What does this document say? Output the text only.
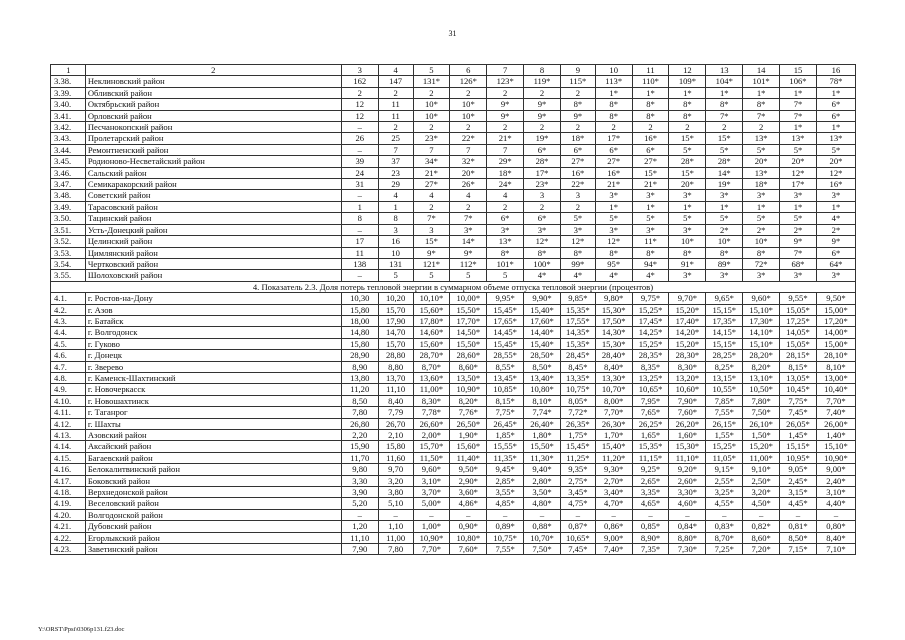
31
1	2	3	4	5	6	7	8	9	10	11	12	13	14	15	16
3.38.	Неклиновский район	162	147	131*	126*	123*	119*	115*	113*	110*	109*	104*	101*	106*	78*
3.39.	Обливский район	2	2	2	2	2	2	2	1*	1*	1*	1*	1*	1*	1*
3.40.	Октябрьский район	12	11	10*	10*	9*	9*	8*	8*	8*	8*	8*	8*	7*	6*
3.41.	Орловский район	12	11	10*	10*	9*	9*	9*	8*	8*	8*	7*	7*	7*	6*
3.42.	Песчанокопский район	–	2	2	2	2	2	2	2	2	2	2	2	1*	1*
3.43.	Пролетарский район	26	25	23*	22*	21*	19*	18*	17*	16*	15*	15*	13*	13*	13*
3.44.	Ремонтненский район	–	7	7	7	7	6*	6*	6*	6*	5*	5*	5*	5*	5*
3.45.	Родионово-Несветайский район	39	37	34*	32*	29*	28*	27*	27*	27*	28*	28*	20*	20*	20*
3.46.	Сальский район	24	23	21*	20*	18*	17*	16*	16*	15*	15*	14*	13*	12*	12*
3.47.	Семикаракорский район	31	29	27*	26*	24*	23*	22*	21*	21*	20*	19*	18*	17*	16*
3.48.	Советский район	–	4	4	4	4	3	3	3*	3*	3*	3*	3*	3*	3*
3.49.	Тарасовский район	1	1	2	2	2	2	2	1*	1*	1*	1*	1*	1*	1*
3.50.	Тацинский район	8	8	7*	7*	6*	6*	5*	5*	5*	5*	5*	5*	5*	4*
3.51.	Усть-Донецкий район	–	3	3	3*	3*	3*	3*	3*	3*	3*	2*	2*	2*	2*
3.52.	Целинский район	17	16	15*	14*	13*	12*	12*	12*	11*	10*	10*	10*	9*	9*
3.53.	Цимлянский район	11	10	9*	9*	8*	8*	8*	8*	8*	8*	8*	8*	7*	6*
3.54.	Чертковский район	138	131	121*	112*	101*	100*	99*	95*	94*	91*	89*	72*	68*	64*
3.55.	Шолоховский район	–	5	5	5	5	4*	4*	4*	4*	3*	3*	3*	3*	3*
4. Показатель 2.3. Доля потерь тепловой энергии в суммарном объеме отпуска тепловой энергии (процентов)															
4.1.	г. Ростов-на-Дону	10,30	10,20	10,10*	10,00*	9,95*	9,90*	9,85*	9,80*	9,75*	9,70*	9,65*	9,60*	9,55*	9,50*
4.2.	г. Азов	15,80	15,70	15,60*	15,50*	15,45*	15,40*	15,35*	15,30*	15,25*	15,20*	15,15*	15,10*	15,05*	15,00*
4.3.	г. Батайск	18,00	17,90	17,80*	17,70*	17,65*	17,60*	17,55*	17,50*	17,45*	17,40*	17,35*	17,30*	17,25*	17,20*
4.4.	г. Волгодонск	14,80	14,70	14,60*	14,50*	14,45*	14,40*	14,35*	14,30*	14,25*	14,20*	14,15*	14,10*	14,05*	14,00*
4.5.	г. Гуково	15,80	15,70	15,60*	15,50*	15,45*	15,40*	15,35*	15,30*	15,25*	15,20*	15,15*	15,10*	15,05*	15,00*
4.6.	г. Донецк	28,90	28,80	28,70*	28,60*	28,55*	28,50*	28,45*	28,40*	28,35*	28,30*	28,25*	28,20*	28,15*	28,10*
4.7.	г. Зверево	8,90	8,80	8,70*	8,60*	8,55*	8,50*	8,45*	8,40*	8,35*	8,30*	8,25*	8,20*	8,15*	8,10*
4.8.	г. Каменск-Шахтинский	13,80	13,70	13,60*	13,50*	13,45*	13,40*	13,35*	13,30*	13,25*	13,20*	13,15*	13,10*	13,05*	13,00*
4.9.	г. Новочеркасск	11,20	11,10	11,00*	10,90*	10,85*	10,80*	10,75*	10,70*	10,65*	10,60*	10,55*	10,50*	10,45*	10,40*
4.10.	г. Новошахтинск	8,50	8,40	8,30*	8,20*	8,15*	8,10*	8,05*	8,00*	7,95*	7,90*	7,85*	7,80*	7,75*	7,70*
4.11.	г. Таганрог	7,80	7,79	7,78*	7,76*	7,75*	7,74*	7,72*	7,70*	7,65*	7,60*	7,55*	7,50*	7,45*	7,40*
4.12.	г. Шахты	26,80	26,70	26,60*	26,50*	26,45*	26,40*	26,35*	26,30*	26,25*	26,20*	26,15*	26,10*	26,05*	26,00*
4.13.	Азовский район	2,20	2,10	2,00*	1,90*	1,85*	1,80*	1,75*	1,70*	1,65*	1,60*	1,55*	1,50*	1,45*	1,40*
4.14.	Аксайский район	15,90	15,80	15,70*	15,60*	15,55*	15,50*	15,45*	15,40*	15,35*	15,30*	15,25*	15,20*	15,15*	15,10*
4.15.	Багаевский район	11,70	11,60	11,50*	11,40*	11,35*	11,30*	11,25*	11,20*	11,15*	11,10*	11,05*	11,00*	10,95*	10,90*
4.16.	Белокалитвинский район	9,80	9,70	9,60*	9,50*	9,45*	9,40*	9,35*	9,30*	9,25*	9,20*	9,15*	9,10*	9,05*	9,00*
4.17.	Боковский район	3,30	3,20	3,10*	2,90*	2,85*	2,80*	2,75*	2,70*	2,65*	2,60*	2,55*	2,50*	2,45*	2,40*
4.18.	Верхнедонской район	3,90	3,80	3,70*	3,60*	3,55*	3,50*	3,45*	3,40*	3,35*	3,30*	3,25*	3,20*	3,15*	3,10*
4.19.	Веселовский район	5,20	5,10	5,00*	4,86*	4,85*	4,80*	4,75*	4,70*	4,65*	4,60*	4,55*	4,50*	4,45*	4,40*
4.20.	Волгодонской район	–	–	–	–	–	–	–	–	–	–	–	–	–	–
4.21.	Дубовский район	1,20	1,10	1,00*	0,90*	0,89*	0,88*	0,87*	0,86*	0,85*	0,84*	0,83*	0,82*	0,81*	0,80*
4.22.	Егорлыкский район	11,10	11,00	10,90*	10,80*	10,75*	10,70*	10,65*	9,00*	8,90*	8,80*	8,70*	8,60*	8,50*	8,40*
4.23.	Заветинский район	7,90	7,80	7,70*	7,60*	7,55*	7,50*	7,45*	7,40*	7,35*	7,30*	7,25*	7,20*	7,15*	7,10*
Y:\ORST\Ppsi\0306p131.f23.doc
